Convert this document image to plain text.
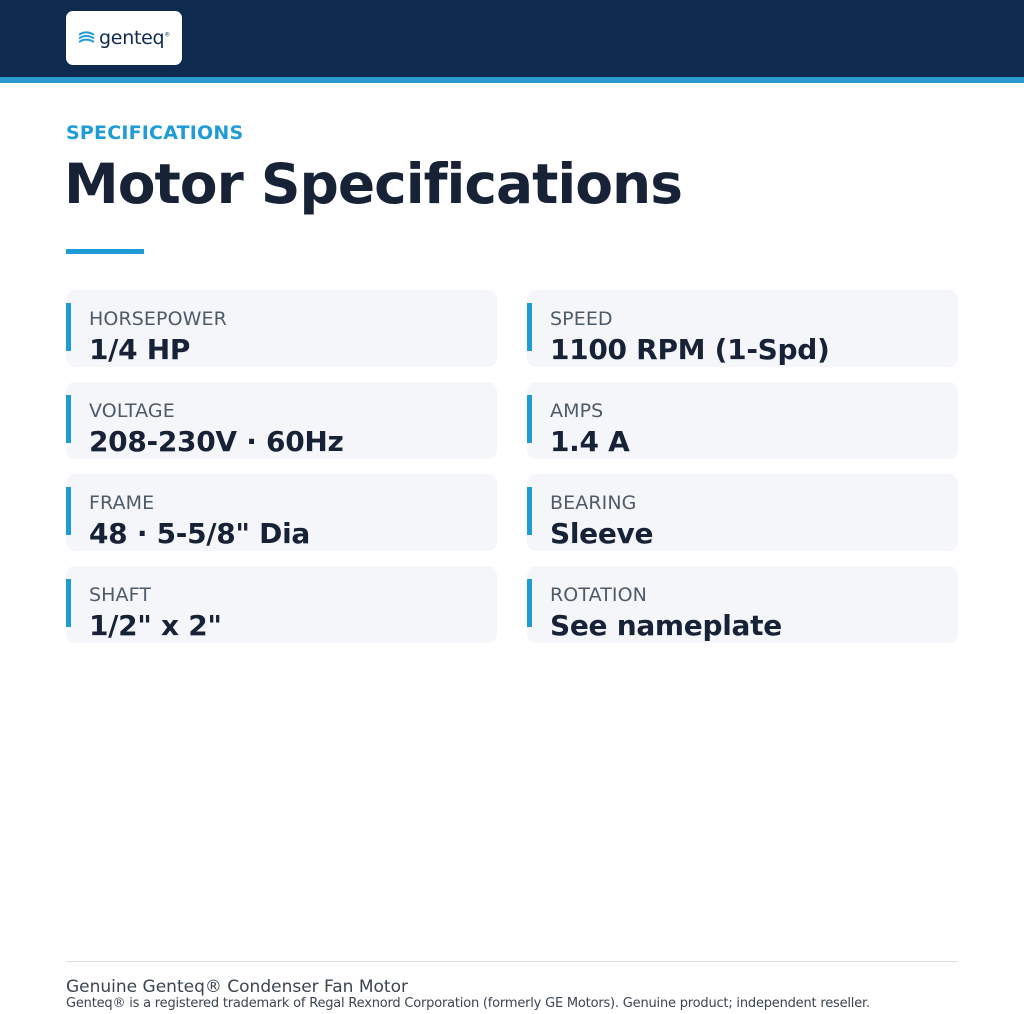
genteq®
SPECIFICATIONS
Motor Specifications
HORSEPOWER
1/4 HP
SPEED
1100 RPM (1-Spd)
VOLTAGE
208-230V · 60Hz
AMPS
1.4 A
FRAME
48 · 5-5/8" Dia
BEARING
Sleeve
SHAFT
1/2" x 2"
ROTATION
See nameplate

Genuine Genteq® Condenser Fan Motor

Genteq® is a registered trademark of Regal Rexnord Corporation (formerly GE Motors). Genuine product; independent reseller.
